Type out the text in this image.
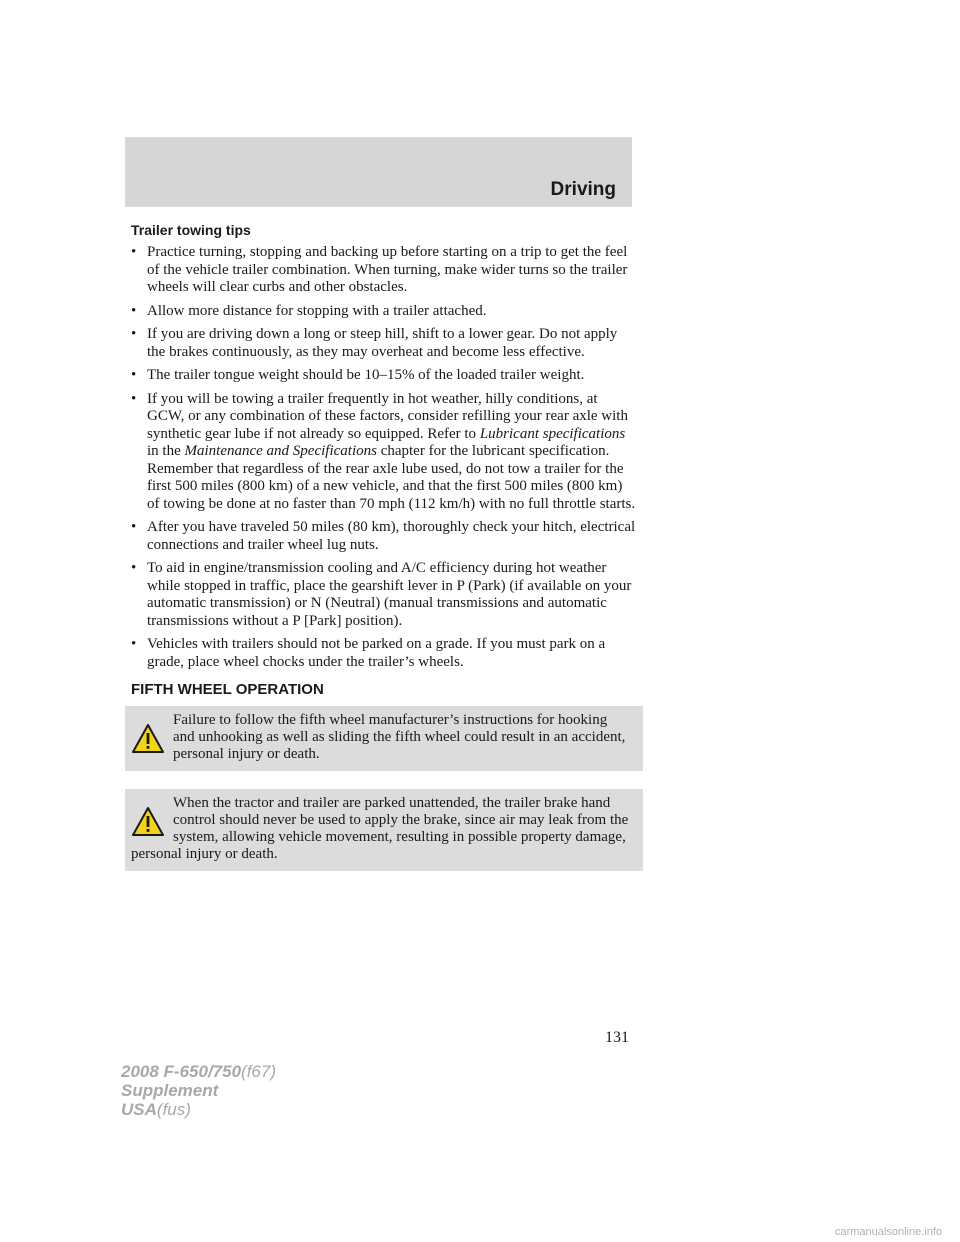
Driving
Trailer towing tips
• Practice turning, stopping and backing up before starting on a trip to get the feel of the vehicle trailer combination. When turning, make wider turns so the trailer wheels will clear curbs and other obstacles.
• Allow more distance for stopping with a trailer attached.
• If you are driving down a long or steep hill, shift to a lower gear. Do not apply the brakes continuously, as they may overheat and become less effective.
• The trailer tongue weight should be 10–15% of the loaded trailer weight.
• If you will be towing a trailer frequently in hot weather, hilly conditions, at GCW, or any combination of these factors, consider refilling your rear axle with synthetic gear lube if not already so equipped. Refer to Lubricant specifications in the Maintenance and Specifications chapter for the lubricant specification. Remember that regardless of the rear axle lube used, do not tow a trailer for the first 500 miles (800 km) of a new vehicle, and that the first 500 miles (800 km) of towing be done at no faster than 70 mph (112 km/h) with no full throttle starts.
• After you have traveled 50 miles (80 km), thoroughly check your hitch, electrical connections and trailer wheel lug nuts.
• To aid in engine/transmission cooling and A/C efficiency during hot weather while stopped in traffic, place the gearshift lever in P (Park) (if available on your automatic transmission) or N (Neutral) (manual transmissions and automatic transmissions without a P [Park] position).
• Vehicles with trailers should not be parked on a grade. If you must park on a grade, place wheel chocks under the trailer’s wheels.
FIFTH WHEEL OPERATION

Failure to follow the fifth wheel manufacturer’s instructions for hooking and unhooking as well as sliding the fifth wheel could result in an accident, personal injury or death.

When the tractor and trailer are parked unattended, the trailer brake hand control should never be used to apply the brake, since air may leak from the system, allowing vehicle movement, resulting in possible property damage, personal injury or death.

131
2008 F-650/750(f67)
Supplement
USA(fus)
carmanualsonline.info
